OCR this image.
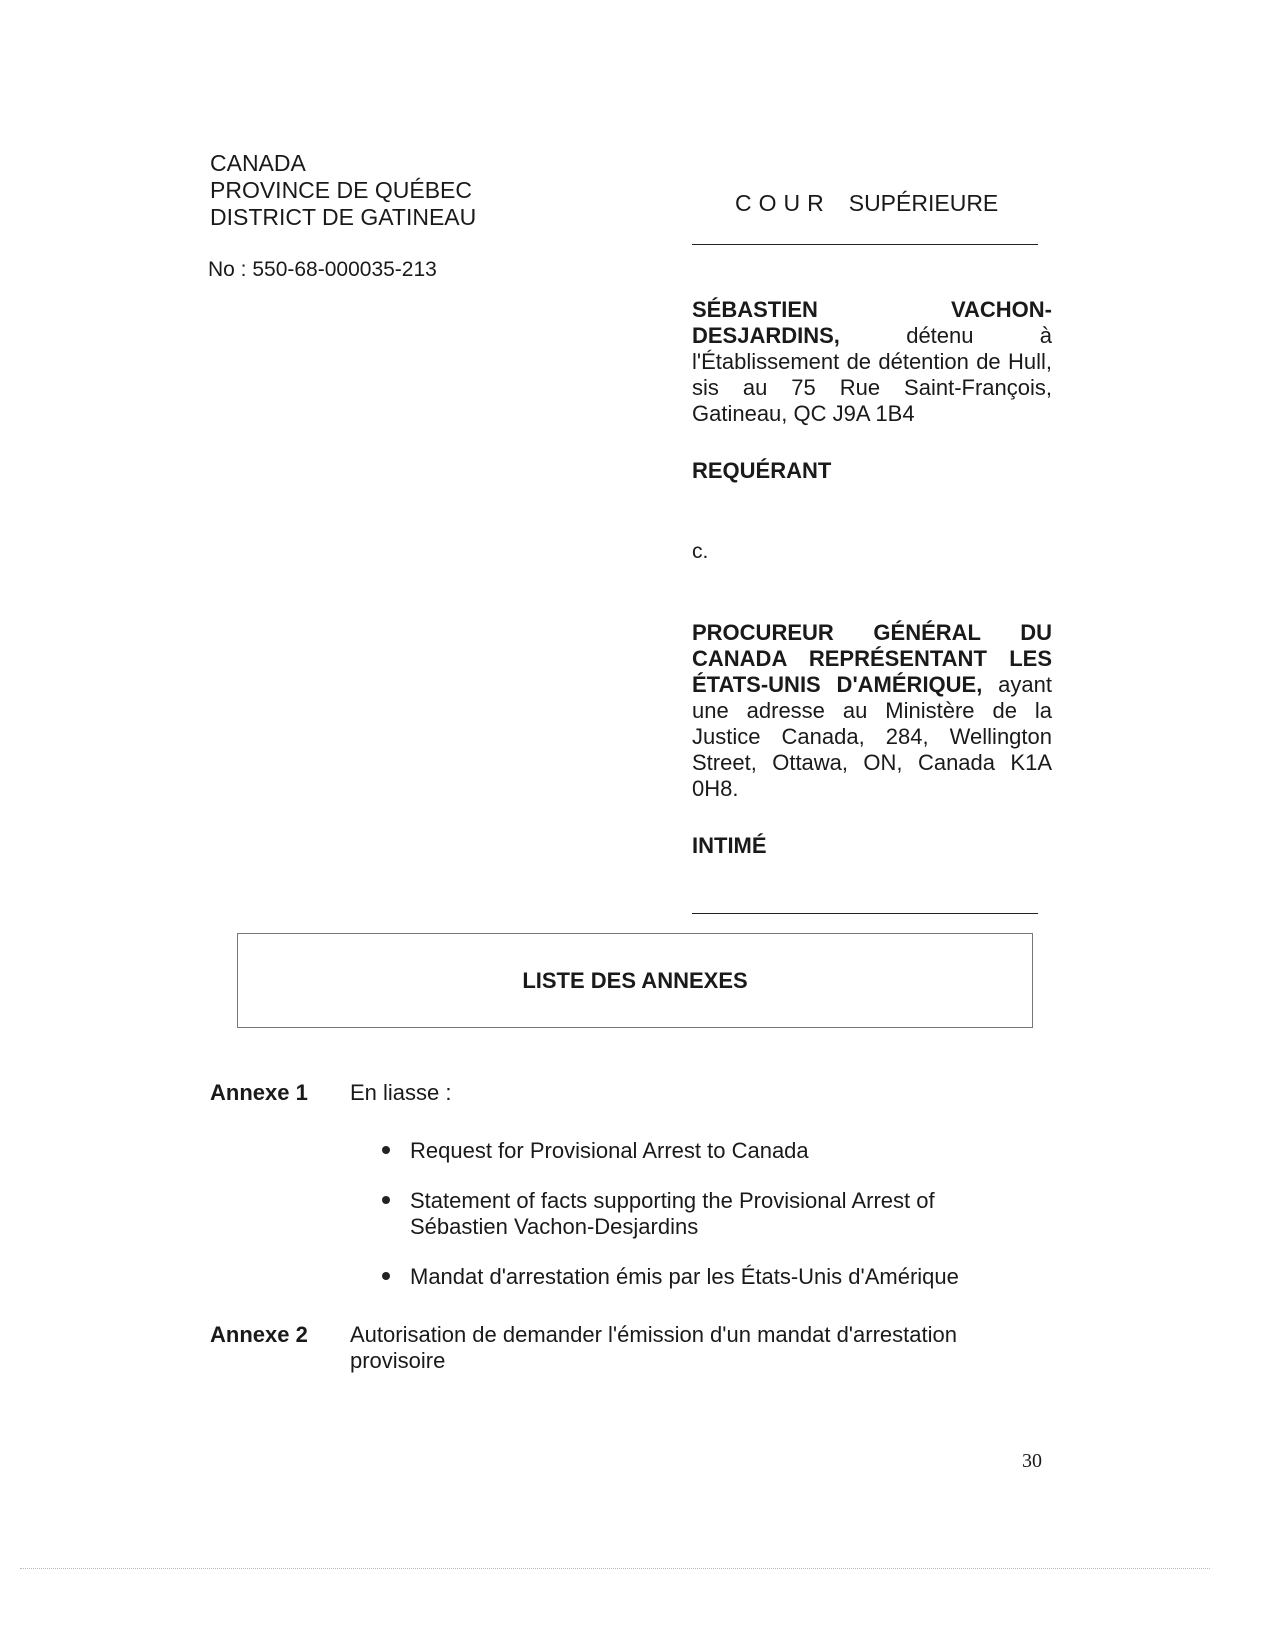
CANADA
PROVINCE DE QUÉBEC
DISTRICT DE GATINEAU
No : 550-68-000035-213
COUR SUPÉRIEURE
SÉBASTIEN VACHON-DESJARDINS,	détenu à l'Établissement de détention de Hull, sis au 75 Rue Saint-François, Gatineau, QC J9A 1B4
REQUÉRANT
c.
PROCUREUR GÉNÉRAL DU CANADA REPRÉSENTANT LES ÉTATS-UNIS D'AMÉRIQUE, ayant une adresse au Ministère de la Justice Canada, 284, Wellington Street, Ottawa, ON, Canada K1A 0H8.
INTIMÉ
LISTE DES ANNEXES
Annexe 1 En liasse :
Request for Provisional Arrest to Canada
Statement of facts supporting the Provisional Arrest of Sébastien Vachon-Desjardins
Mandat d'arrestation émis par les États-Unis d'Amérique
Annexe 2 Autorisation de demander l'émission d'un mandat d'arrestation provisoire
30
